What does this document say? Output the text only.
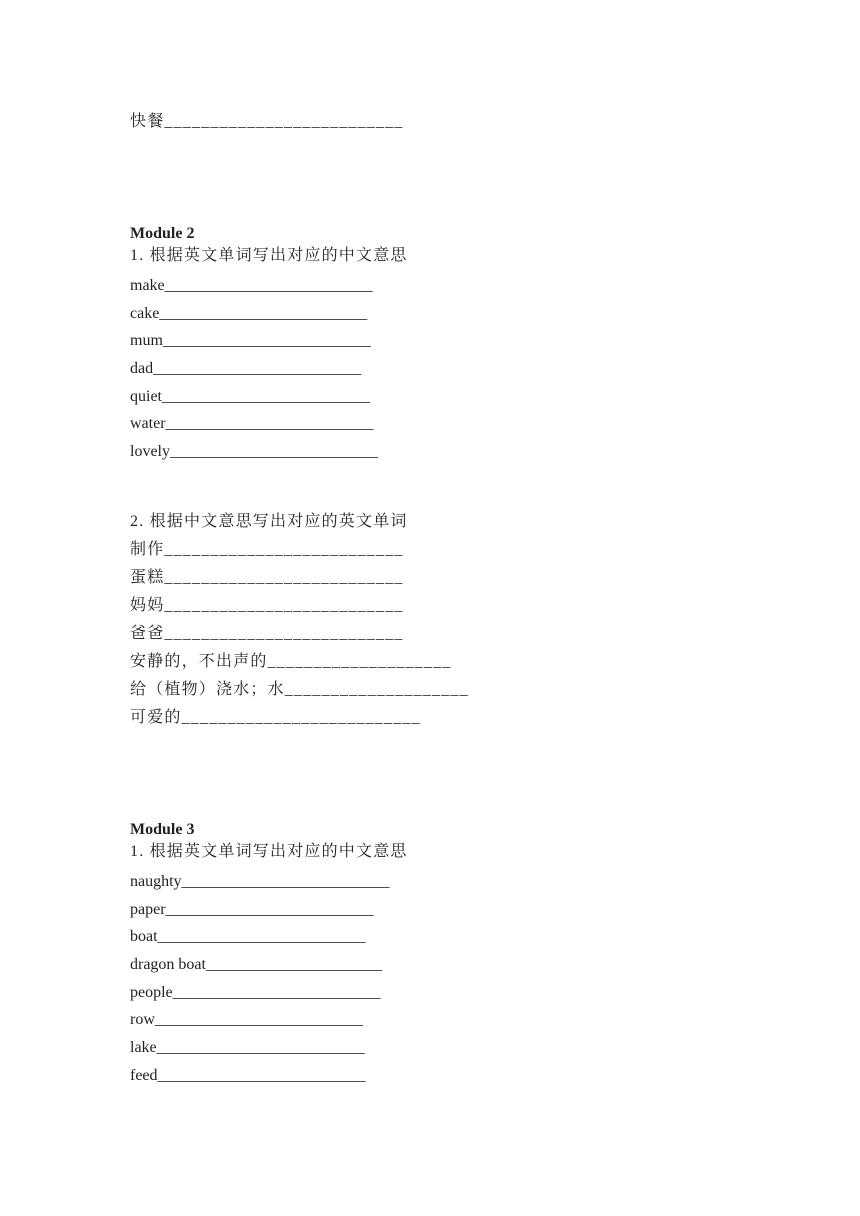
快餐__________________________
Module 2
1. 根据英文单词写出对应的中文意思
make__________________________
cake__________________________
mum__________________________
dad__________________________
quiet__________________________
water__________________________
lovely__________________________
2. 根据中文意思写出对应的英文单词
制作__________________________
蛋糕__________________________
妈妈__________________________
爸爸__________________________
安静的，不出声的____________________
给（植物）浇水；水____________________
可爱的__________________________
Module 3
1. 根据英文单词写出对应的中文意思
naughty__________________________
paper__________________________
boat__________________________
dragon boat______________________
people__________________________
row__________________________
lake__________________________
feed__________________________
